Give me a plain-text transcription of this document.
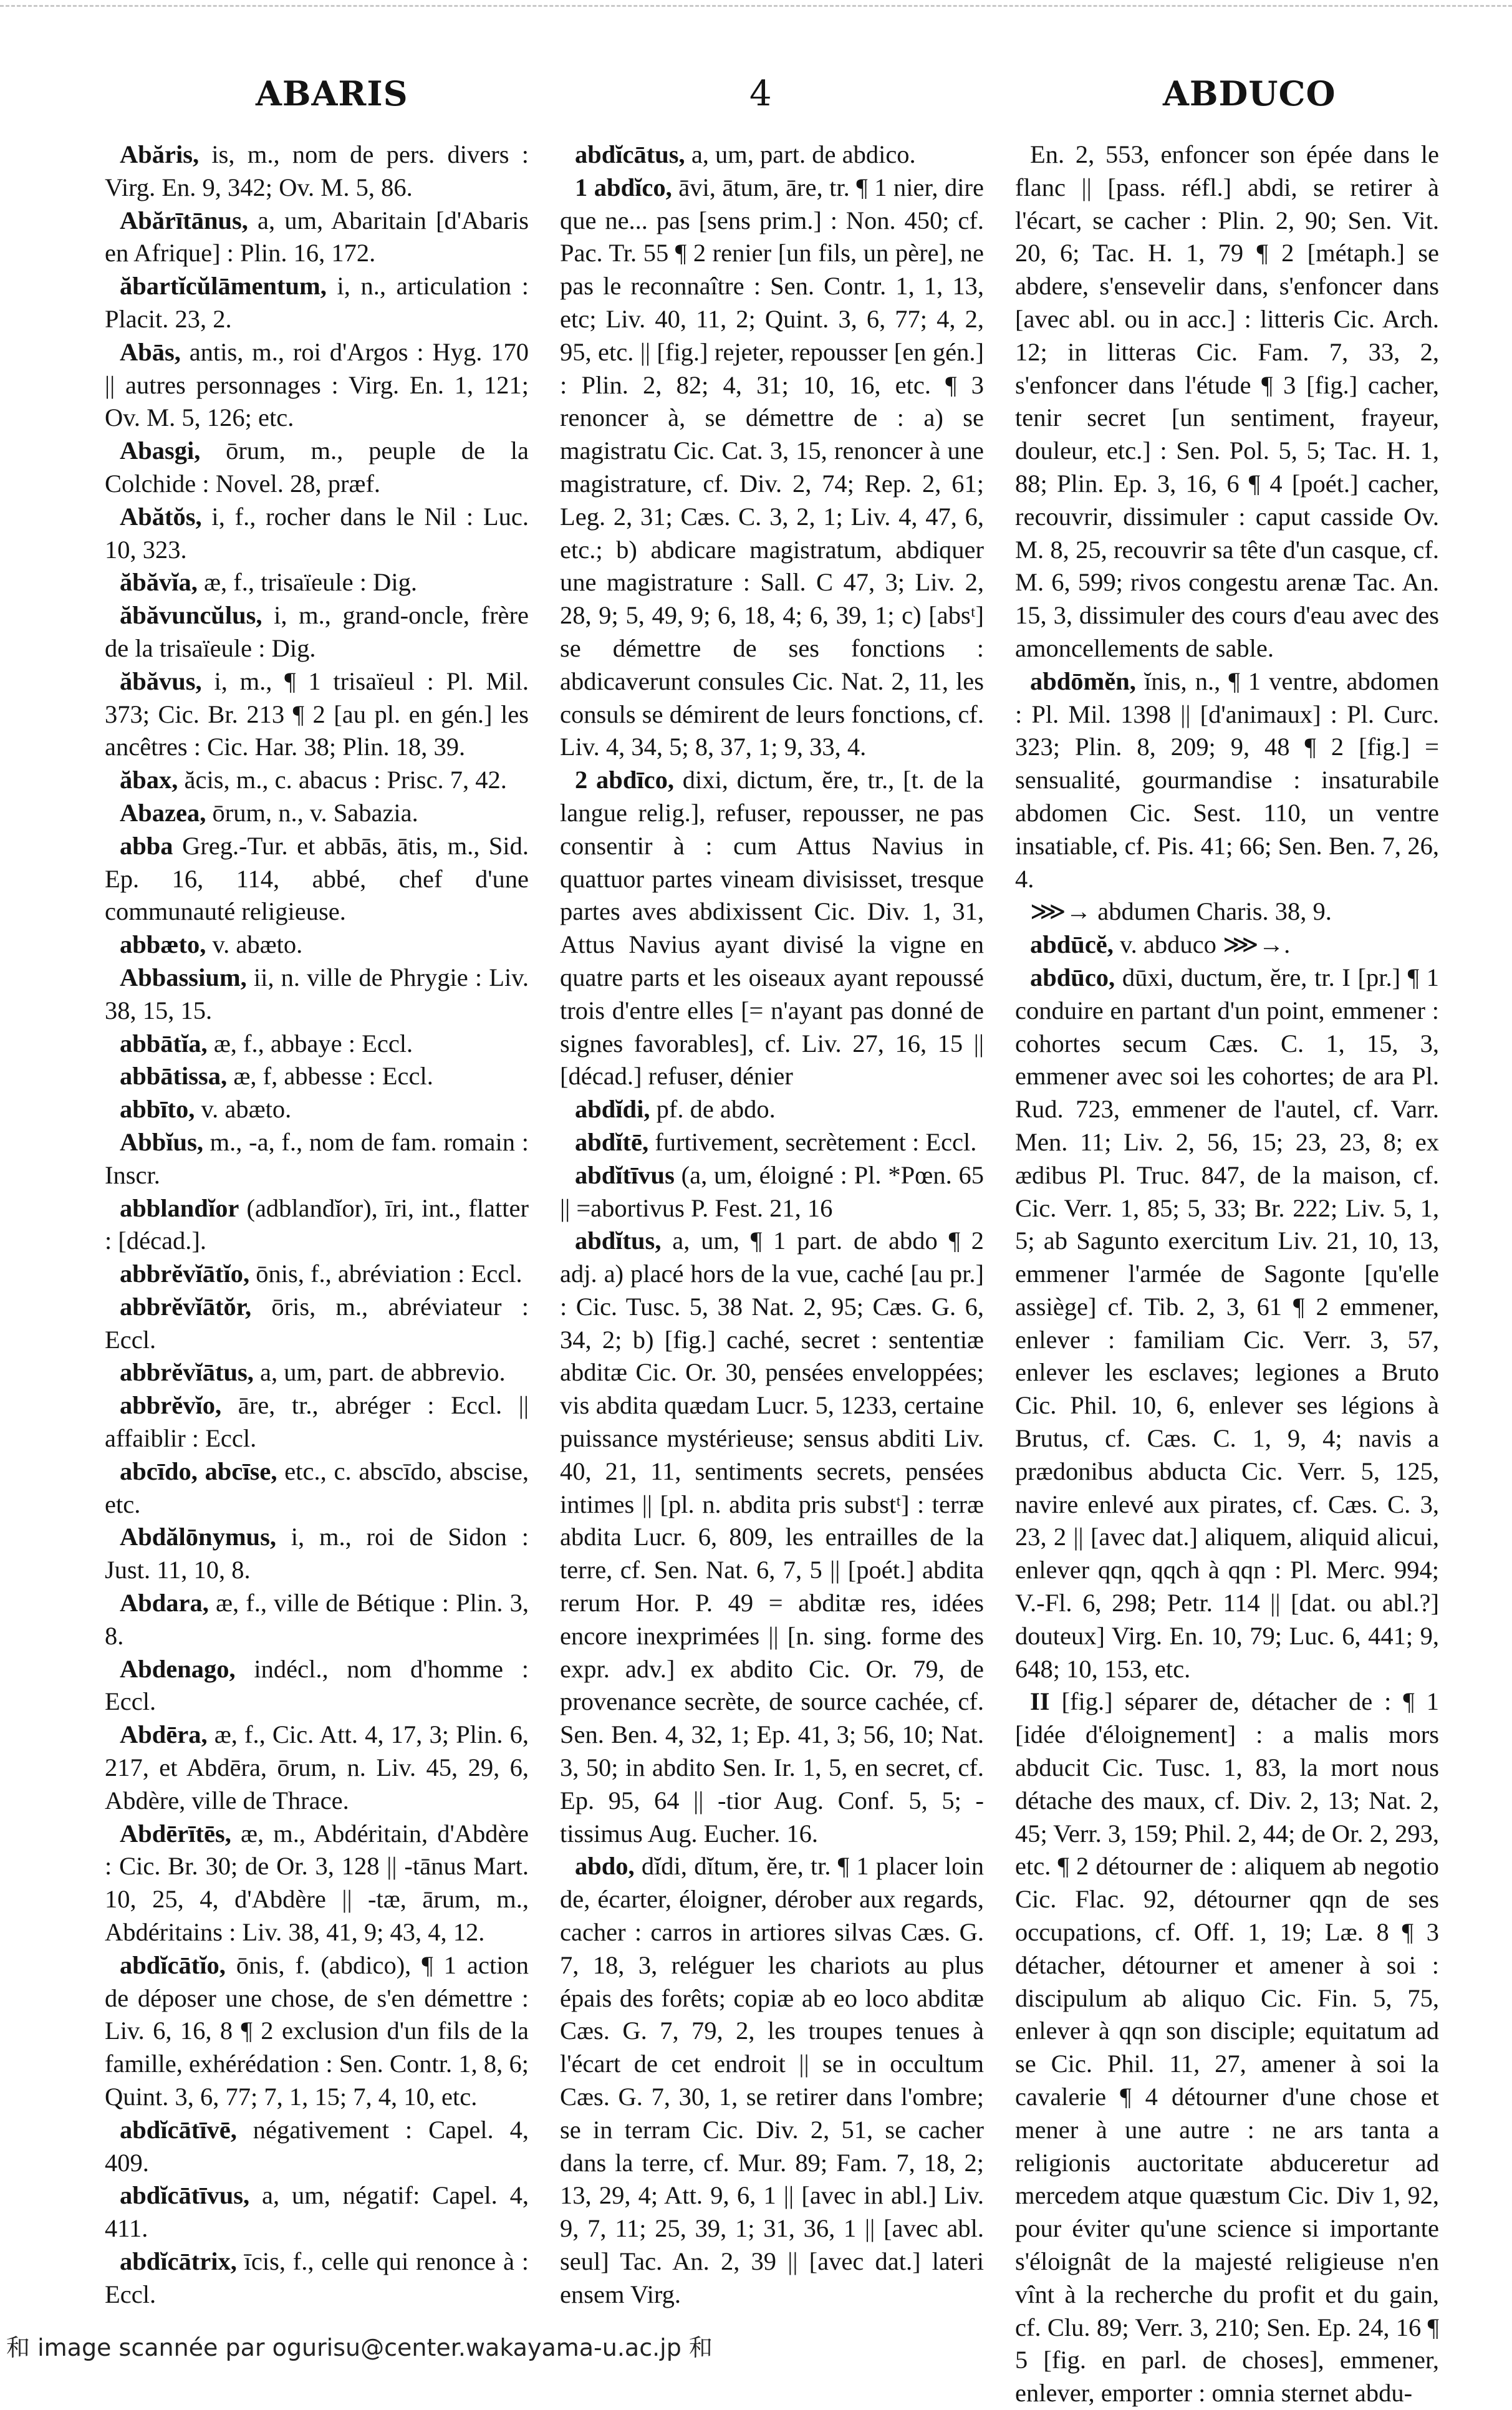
ABARIS	4	ABDUCO

Abăris, is, m., nom de pers. divers : Virg. En. 9, 342; Ov. M. 5, 86.

Abărītānus, a, um, Abaritain [d'Abaris en Afrique] : Plin. 16, 172.

ăbartĭcŭlāmentum, i, n., articulation : Placit. 23, 2.

Abās, antis, m., roi d'Argos : Hyg. 170 || autres personnages : Virg. En. 1, 121; Ov. M. 5, 126; etc.

Abasgi, ōrum, m., peuple de la Colchide : Novel. 28, præf.

Abătŏs, i, f., rocher dans le Nil : Luc. 10, 323.

ăbăvĭa, æ, f., trisaïeule : Dig.

ăbăvuncŭlus, i, m., grand-oncle, frère de la trisaïeule : Dig.

ăbăvus, i, m., ¶ 1 trisaïeul : Pl. Mil. 373; Cic. Br. 213 ¶ 2 [au pl. en gén.] les ancêtres : Cic. Har. 38; Plin. 18, 39.

ăbax, ăcis, m., c. abacus : Prisc. 7, 42.

Abazea, ōrum, n., v. Sabazia.

abba Greg.-Tur. et abbās, ātis, m., Sid. Ep. 16, 114, abbé, chef d'une communauté religieuse.

abbæto, v. abæto.

Abbassium, ii, n. ville de Phrygie : Liv. 38, 15, 15.

abbātĭa, æ, f., abbaye : Eccl.

abbātissa, æ, f, abbesse : Eccl.

abbīto, v. abæto.

Abbĭus, m., -a, f., nom de fam. romain : Inscr.

abblandĭor (adblandĭor), īri, int., flatter : [décad.].

abbrĕvĭātĭo, ōnis, f., abréviation : Eccl.

abbrĕvĭātŏr, ōris, m., abréviateur : Eccl.

abbrĕvĭātus, a, um, part. de abbrevio.

abbrĕvĭo, āre, tr., abréger : Eccl. || affaiblir : Eccl.

abcīdo, abcīse, etc., c. abscīdo, abscise, etc.

Abdălōnymus, i, m., roi de Sidon : Just. 11, 10, 8.

Abdara, æ, f., ville de Bétique : Plin. 3, 8.

Abdenago, indécl., nom d'homme : Eccl.

Abdēra, æ, f., Cic. Att. 4, 17, 3; Plin. 6, 217, et Abdēra, ōrum, n. Liv. 45, 29, 6, Abdère, ville de Thrace.

Abdērītēs, æ, m., Abdéritain, d'Abdère : Cic. Br. 30; de Or. 3, 128 || -tānus Mart. 10, 25, 4, d'Abdère || -tæ, ārum, m., Abdéritains : Liv. 38, 41, 9; 43, 4, 12.

abdĭcātĭo, ōnis, f. (abdico), ¶ 1 action de déposer une chose, de s'en démettre : Liv. 6, 16, 8 ¶ 2 exclusion d'un fils de la famille, exhérédation : Sen. Contr. 1, 8, 6; Quint. 3, 6, 77; 7, 1, 15; 7, 4, 10, etc.

abdĭcātīvē, négativement : Capel. 4, 409.

abdĭcātīvus, a, um, négatif: Capel. 4, 411.

abdĭcātrix, īcis, f., celle qui renonce à : Eccl.

abdĭcātus, a, um, part. de abdico.

1 abdĭco, āvi, ātum, āre, tr. ¶ 1 nier, dire que ne... pas [sens prim.] : Non. 450; cf. Pac. Tr. 55 ¶ 2 renier [un fils, un père], ne pas le reconnaître : Sen. Contr. 1, 1, 13, etc; Liv. 40, 11, 2; Quint. 3, 6, 77; 4, 2, 95, etc. || [fig.] rejeter, repousser [en gén.] : Plin. 2, 82; 4, 31; 10, 16, etc. ¶ 3 renoncer à, se démettre de : a) se magistratu Cic. Cat. 3, 15, renoncer à une magistrature, cf. Div. 2, 74; Rep. 2, 61; Leg. 2, 31; Cæs. C. 3, 2, 1; Liv. 4, 47, 6, etc.; b) abdicare magistratum, abdiquer une magistrature : Sall. C 47, 3; Liv. 2, 28, 9; 5, 49, 9; 6, 18, 4; 6, 39, 1; c) [absᵗ] se démettre de ses fonctions : abdicaverunt consules Cic. Nat. 2, 11, les consuls se démirent de leurs fonctions, cf. Liv. 4, 34, 5; 8, 37, 1; 9, 33, 4.

2 abdīco, dixi, dictum, ĕre, tr., [t. de la langue relig.], refuser, repousser, ne pas consentir à : cum Attus Navius in quattuor partes vineam divisisset, tresque partes aves abdixissent Cic. Div. 1, 31, Attus Navius ayant divisé la vigne en quatre parts et les oiseaux ayant repoussé trois d'entre elles [= n'ayant pas donné de signes favorables], cf. Liv. 27, 16, 15 || [décad.] refuser, dénier

abdĭdi, pf. de abdo.

abdĭtē, furtivement, secrètement : Eccl.

abdĭtīvus (a, um, éloigné : Pl. *Pœn. 65 || =abortivus P. Fest. 21, 16

abdĭtus, a, um, ¶ 1 part. de abdo ¶ 2 adj. a) placé hors de la vue, caché [au pr.] : Cic. Tusc. 5, 38 Nat. 2, 95; Cæs. G. 6, 34, 2; b) [fig.] caché, secret : sententiæ abditæ Cic. Or. 30, pensées enveloppées; vis abdita quædam Lucr. 5, 1233, certaine puissance mystérieuse; sensus abditi Liv. 40, 21, 11, sentiments secrets, pensées intimes || [pl. n. abdita pris substᵗ] : terræ abdita Lucr. 6, 809, les entrailles de la terre, cf. Sen. Nat. 6, 7, 5 || [poét.] abdita rerum Hor. P. 49 = abditæ res, idées encore inexprimées || [n. sing. forme des expr. adv.] ex abdito Cic. Or. 79, de provenance secrète, de source cachée, cf. Sen. Ben. 4, 32, 1; Ep. 41, 3; 56, 10; Nat. 3, 50; in abdito Sen. Ir. 1, 5, en secret, cf. Ep. 95, 64 || -tior Aug. Conf. 5, 5; -tissimus Aug. Eucher. 16.

abdo, dĭdi, dĭtum, ĕre, tr. ¶ 1 placer loin de, écarter, éloigner, dérober aux regards, cacher : carros in artiores silvas Cæs. G. 7, 18, 3, reléguer les chariots au plus épais des forêts; copiæ ab eo loco abditæ Cæs. G. 7, 79, 2, les troupes tenues à l'écart de cet endroit || se in occultum Cæs. G. 7, 30, 1, se retirer dans l'ombre; se in terram Cic. Div. 2, 51, se cacher dans la terre, cf. Mur. 89; Fam. 7, 18, 2; 13, 29, 4; Att. 9, 6, 1 || [avec in abl.] Liv. 9, 7, 11; 25, 39, 1; 31, 36, 1 || [avec abl. seul] Tac. An. 2, 39 || [avec dat.] lateri ensem Virg.

En. 2, 553, enfoncer son épée dans le flanc || [pass. réfl.] abdi, se retirer à l'écart, se cacher : Plin. 2, 90; Sen. Vit. 20, 6; Tac. H. 1, 79 ¶ 2 [métaph.] se abdere, s'ensevelir dans, s'enfoncer dans [avec abl. ou in acc.] : litteris Cic. Arch. 12; in litteras Cic. Fam. 7, 33, 2, s'enfoncer dans l'étude ¶ 3 [fig.] cacher, tenir secret [un sentiment, frayeur, douleur, etc.] : Sen. Pol. 5, 5; Tac. H. 1, 88; Plin. Ep. 3, 16, 6 ¶ 4 [poét.] cacher, recouvrir, dissimuler : caput casside Ov. M. 8, 25, recouvrir sa tête d'un casque, cf. M. 6, 599; rivos congestu arenæ Tac. An. 15, 3, dissimuler des cours d'eau avec des amoncellements de sable.

abdōmĕn, ĭnis, n., ¶ 1 ventre, abdomen : Pl. Mil. 1398 || [d'animaux] : Pl. Curc. 323; Plin. 8, 209; 9, 48 ¶ 2 [fig.] = sensualité, gourmandise : insaturabile abdomen Cic. Sest. 110, un ventre insatiable, cf. Pis. 41; 66; Sen. Ben. 7, 26, 4.

⋙→ abdumen Charis. 38, 9.

abdūcĕ, v. abduco ⋙→.

abdūco, dūxi, ductum, ĕre, tr. I [pr.] ¶ 1 conduire en partant d'un point, emmener : cohortes secum Cæs. C. 1, 15, 3, emmener avec soi les cohortes; de ara Pl. Rud. 723, emmener de l'autel, cf. Varr. Men. 11; Liv. 2, 56, 15; 23, 23, 8; ex ædibus Pl. Truc. 847, de la maison, cf. Cic. Verr. 1, 85; 5, 33; Br. 222; Liv. 5, 1, 5; ab Sagunto exercitum Liv. 21, 10, 13, emmener l'armée de Sagonte [qu'elle assiège] cf. Tib. 2, 3, 61 ¶ 2 emmener, enlever : familiam Cic. Verr. 3, 57, enlever les esclaves; legiones a Bruto Cic. Phil. 10, 6, enlever ses légions à Brutus, cf. Cæs. C. 1, 9, 4; navis a prædonibus abducta Cic. Verr. 5, 125, navire enlevé aux pirates, cf. Cæs. C. 3, 23, 2 || [avec dat.] aliquem, aliquid alicui, enlever qqn, qqch à qqn : Pl. Merc. 994; V.-Fl. 6, 298; Petr. 114 || [dat. ou abl.?] douteux] Virg. En. 10, 79; Luc. 6, 441; 9, 648; 10, 153, etc.

II [fig.] séparer de, détacher de : ¶ 1 [idée d'éloignement] : a malis mors abducit Cic. Tusc. 1, 83, la mort nous détache des maux, cf. Div. 2, 13; Nat. 2, 45; Verr. 3, 159; Phil. 2, 44; de Or. 2, 293, etc. ¶ 2 détourner de : aliquem ab negotio Cic. Flac. 92, détourner qqn de ses occupations, cf. Off. 1, 19; Læ. 8 ¶ 3 détacher, détourner et amener à soi : discipulum ab aliquo Cic. Fin. 5, 75, enlever à qqn son disciple; equitatum ad se Cic. Phil. 11, 27, amener à soi la cavalerie ¶ 4 détourner d'une chose et mener à une autre : ne ars tanta a religionis auctoritate abduceretur ad mercedem atque quæstum Cic. Div 1, 92, pour éviter qu'une science si importante s'éloignât de la majesté religieuse n'en vînt à la recherche du profit et du gain, cf. Clu. 89; Verr. 3, 210; Sen. Ep. 24, 16 ¶ 5 [fig. en parl. de choses], emmener, enlever, emporter : omnia sternet abdu-

和 image scannée par ogurisu@center.wakayama-u.ac.jp 和
